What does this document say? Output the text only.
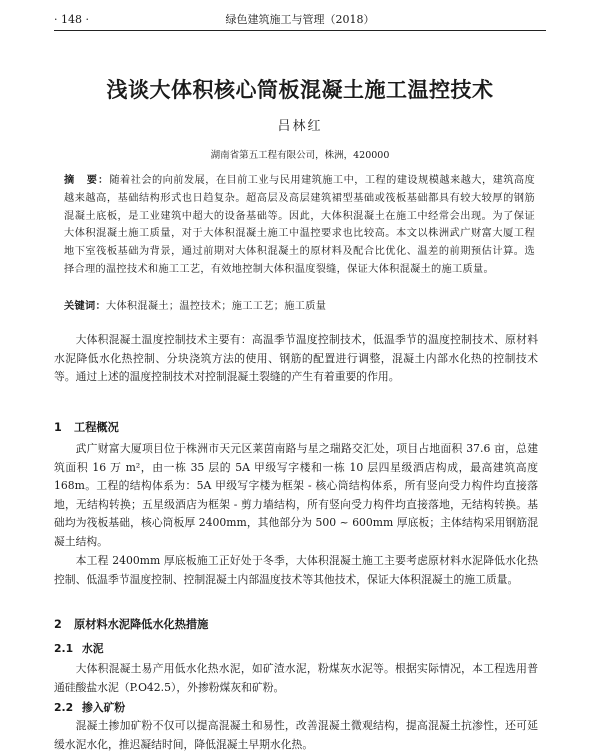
· 148 ·	绿色建筑施工与管理（2018）
浅谈大体积核心筒板混凝土施工温控技术
吕林红
湖南省第五工程有限公司，株洲，420000
摘　要：随着社会的向前发展，在目前工业与民用建筑施工中，工程的建设规模越来越大，建筑高度越来越高，基础结构形式也日趋复杂。超高层及高层建筑裙型基础或筏板基础都具有较大较厚的钢筋混凝土底板，是工业建筑中超大的设备基础等。因此，大体积混凝土在施工中经常会出现。为了保证大体积混凝土施工质量，对于大体积混凝土施工中温控要求也比较高。本文以株洲武广财富大厦工程地下室筏板基础为背景，通过前期对大体积混凝土的原材料及配合比优化、温差的前期预估计算。选择合理的温控技术和施工工艺，有效地控制大体积温度裂缝，保证大体积混凝土的施工质量。
关键词：大体积混凝土；温控技术；施工工艺；施工质量

大体积混凝土温度控制技术主要有：高温季节温度控制技术，低温季节的温度控制技术、原材料水泥降低水化热控制、分块浇筑方法的使用、钢筋的配置进行调整，混凝土内部水化热的控制技术等。通过上述的温度控制技术对控制混凝土裂缝的产生有着重要的作用。

1 工程概况

武广财富大厦项目位于株洲市天元区莱茵南路与星之瑞路交汇处，项目占地面积 37.6 亩，总建筑面积 16 万 m²，由一栋 35 层的 5A 甲级写字楼和一栋 10 层四星级酒店构成，最高建筑高度 168m。工程的结构体系为：5A 甲级写字楼为框架 - 核心筒结构体系，所有竖向受力构件均直接落地，无结构转换；五星级酒店为框架 - 剪力墙结构，所有竖向受力构件均直接落地，无结构转换。基础均为筏板基础，核心筒板厚 2400mm，其他部分为 500 ~ 600mm 厚底板；主体结构采用钢筋混凝土结构。

本工程 2400mm 厚底板施工正好处于冬季，大体积混凝土施工主要考虑原材料水泥降低水化热控制、低温季节温度控制、控制混凝土内部温度技术等其他技术，保证大体积混凝土的施工质量。

2 原材料水泥降低水化热措施
2.1 水泥

大体积混凝土易产用低水化热水泥，如矿渣水泥，粉煤灰水泥等。根据实际情况，本工程选用普通硅酸盐水泥（P.O42.5），外掺粉煤灰和矿粉。

2.2 掺入矿粉

混凝土掺加矿粉不仅可以提高混凝土和易性，改善混凝土微观结构，提高混凝土抗渗性，还可延缓水泥水化，推迟凝结时间，降低混凝土早期水化热。
